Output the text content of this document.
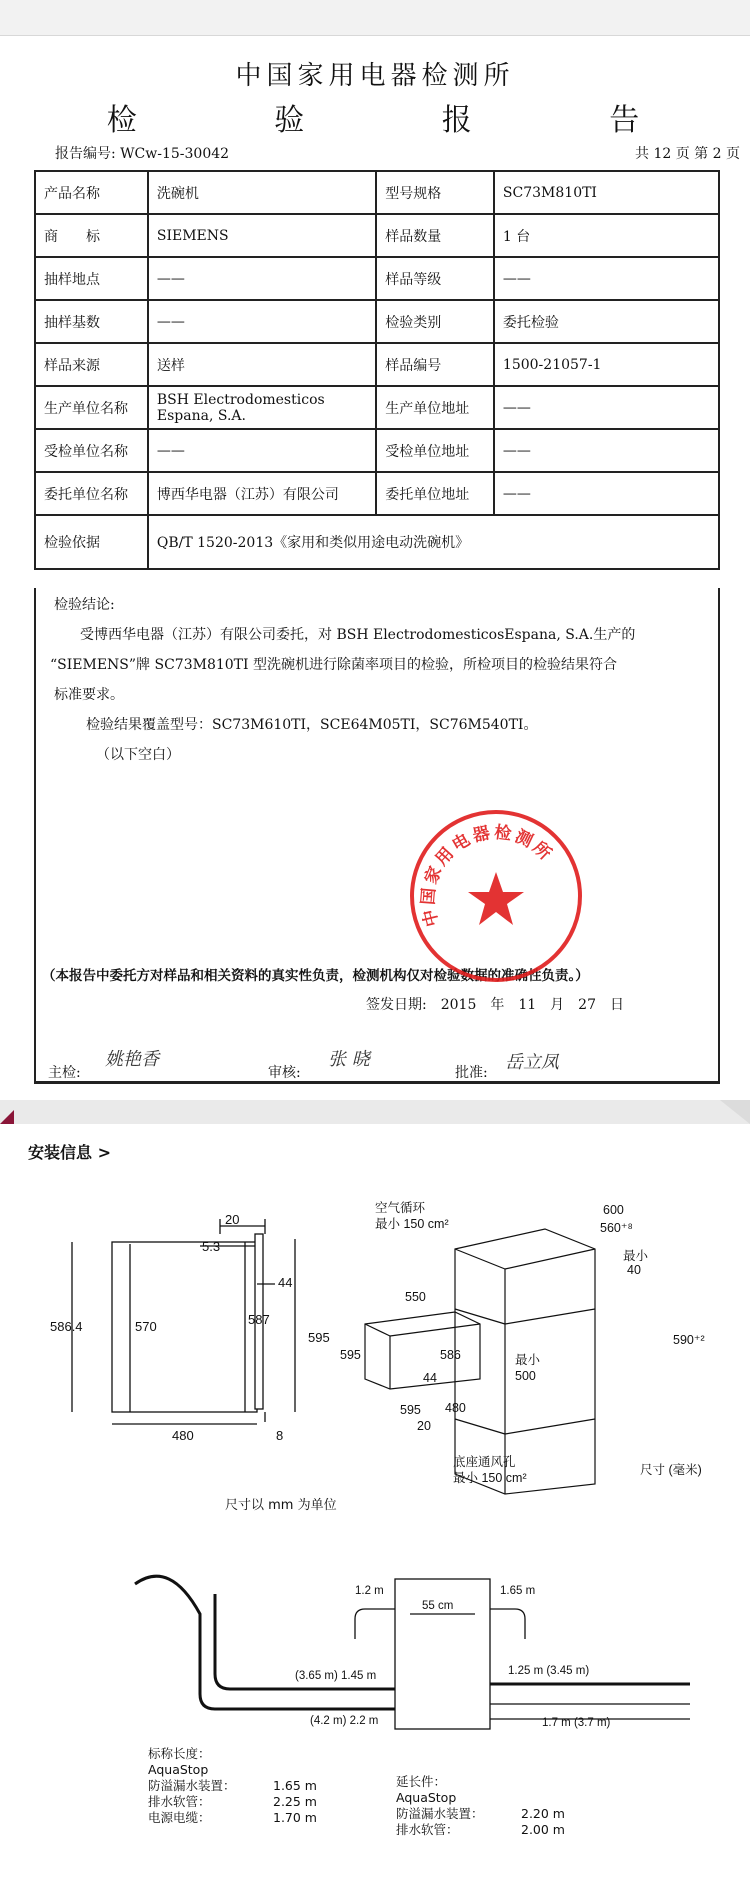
中国家用电器检测所
检 验 报 告
报告编号: WCw-15-30042	共 12 页 第 2 页
产品名称	洗碗机	型号规格	SC73M810TI
商　　标	SIEMENS	样品数量	1 台
抽样地点	——	样品等级	——
抽样基数	——	检验类别	委托检验
样品来源	送样	样品编号	1500-21057-1
生产单位名称	BSH Electrodomesticos Espana, S.A.	生产单位地址	——
受检单位名称	——	受检单位地址	——
委托单位名称	博西华电器（江苏）有限公司	委托单位地址	——
检验依据	QB/T 1520-2013《家用和类似用途电动洗碗机》		
检验结论:
受博西华电器（江苏）有限公司委托，对 BSH ElectrodomesticosEspana, S.A.生产的
“SIEMENS”牌 SC73M810TI 型洗碗机进行除菌率项目的检验，所检项目的检验结果符合
标准要求。
检验结果覆盖型号：SC73M610TI，SCE64M05TI，SC76M540TI。
（以下空白）
（本报告中委托方对样品和相关资料的真实性负责，检测机构仅对检验数据的准确性负责。）
签发日期:　2015　年　11　月　27　日
中国家用电器检测所
主检:
姚艳香
审核:
张 晓
批准: 岳立凤
安装信息 >
20
5.3
44
586.4	570	587
595
480	8
尺寸以 mm 为单位
空气循环
最小 150 cm²
600
560⁺⁸
550
595	586
44
595 480
20
40
590⁺²
最小
500
最小
底座通风孔
最小 150 cm²
尺寸 (毫米)
1.2 m	1.65 m
55 cm
(3.65 m) 1.45 m	1.25 m (3.45 m)
(4.2 m) 2.2 m	1.7 m (3.7 m)
标称长度：
AquaStop
防溢漏水装置：	1.65 m
排水软管：	2.25 m
电源电缆：	1.70 m
延长件：
AquaStop
防溢漏水装置：	2.20 m
排水软管：	2.00 m
